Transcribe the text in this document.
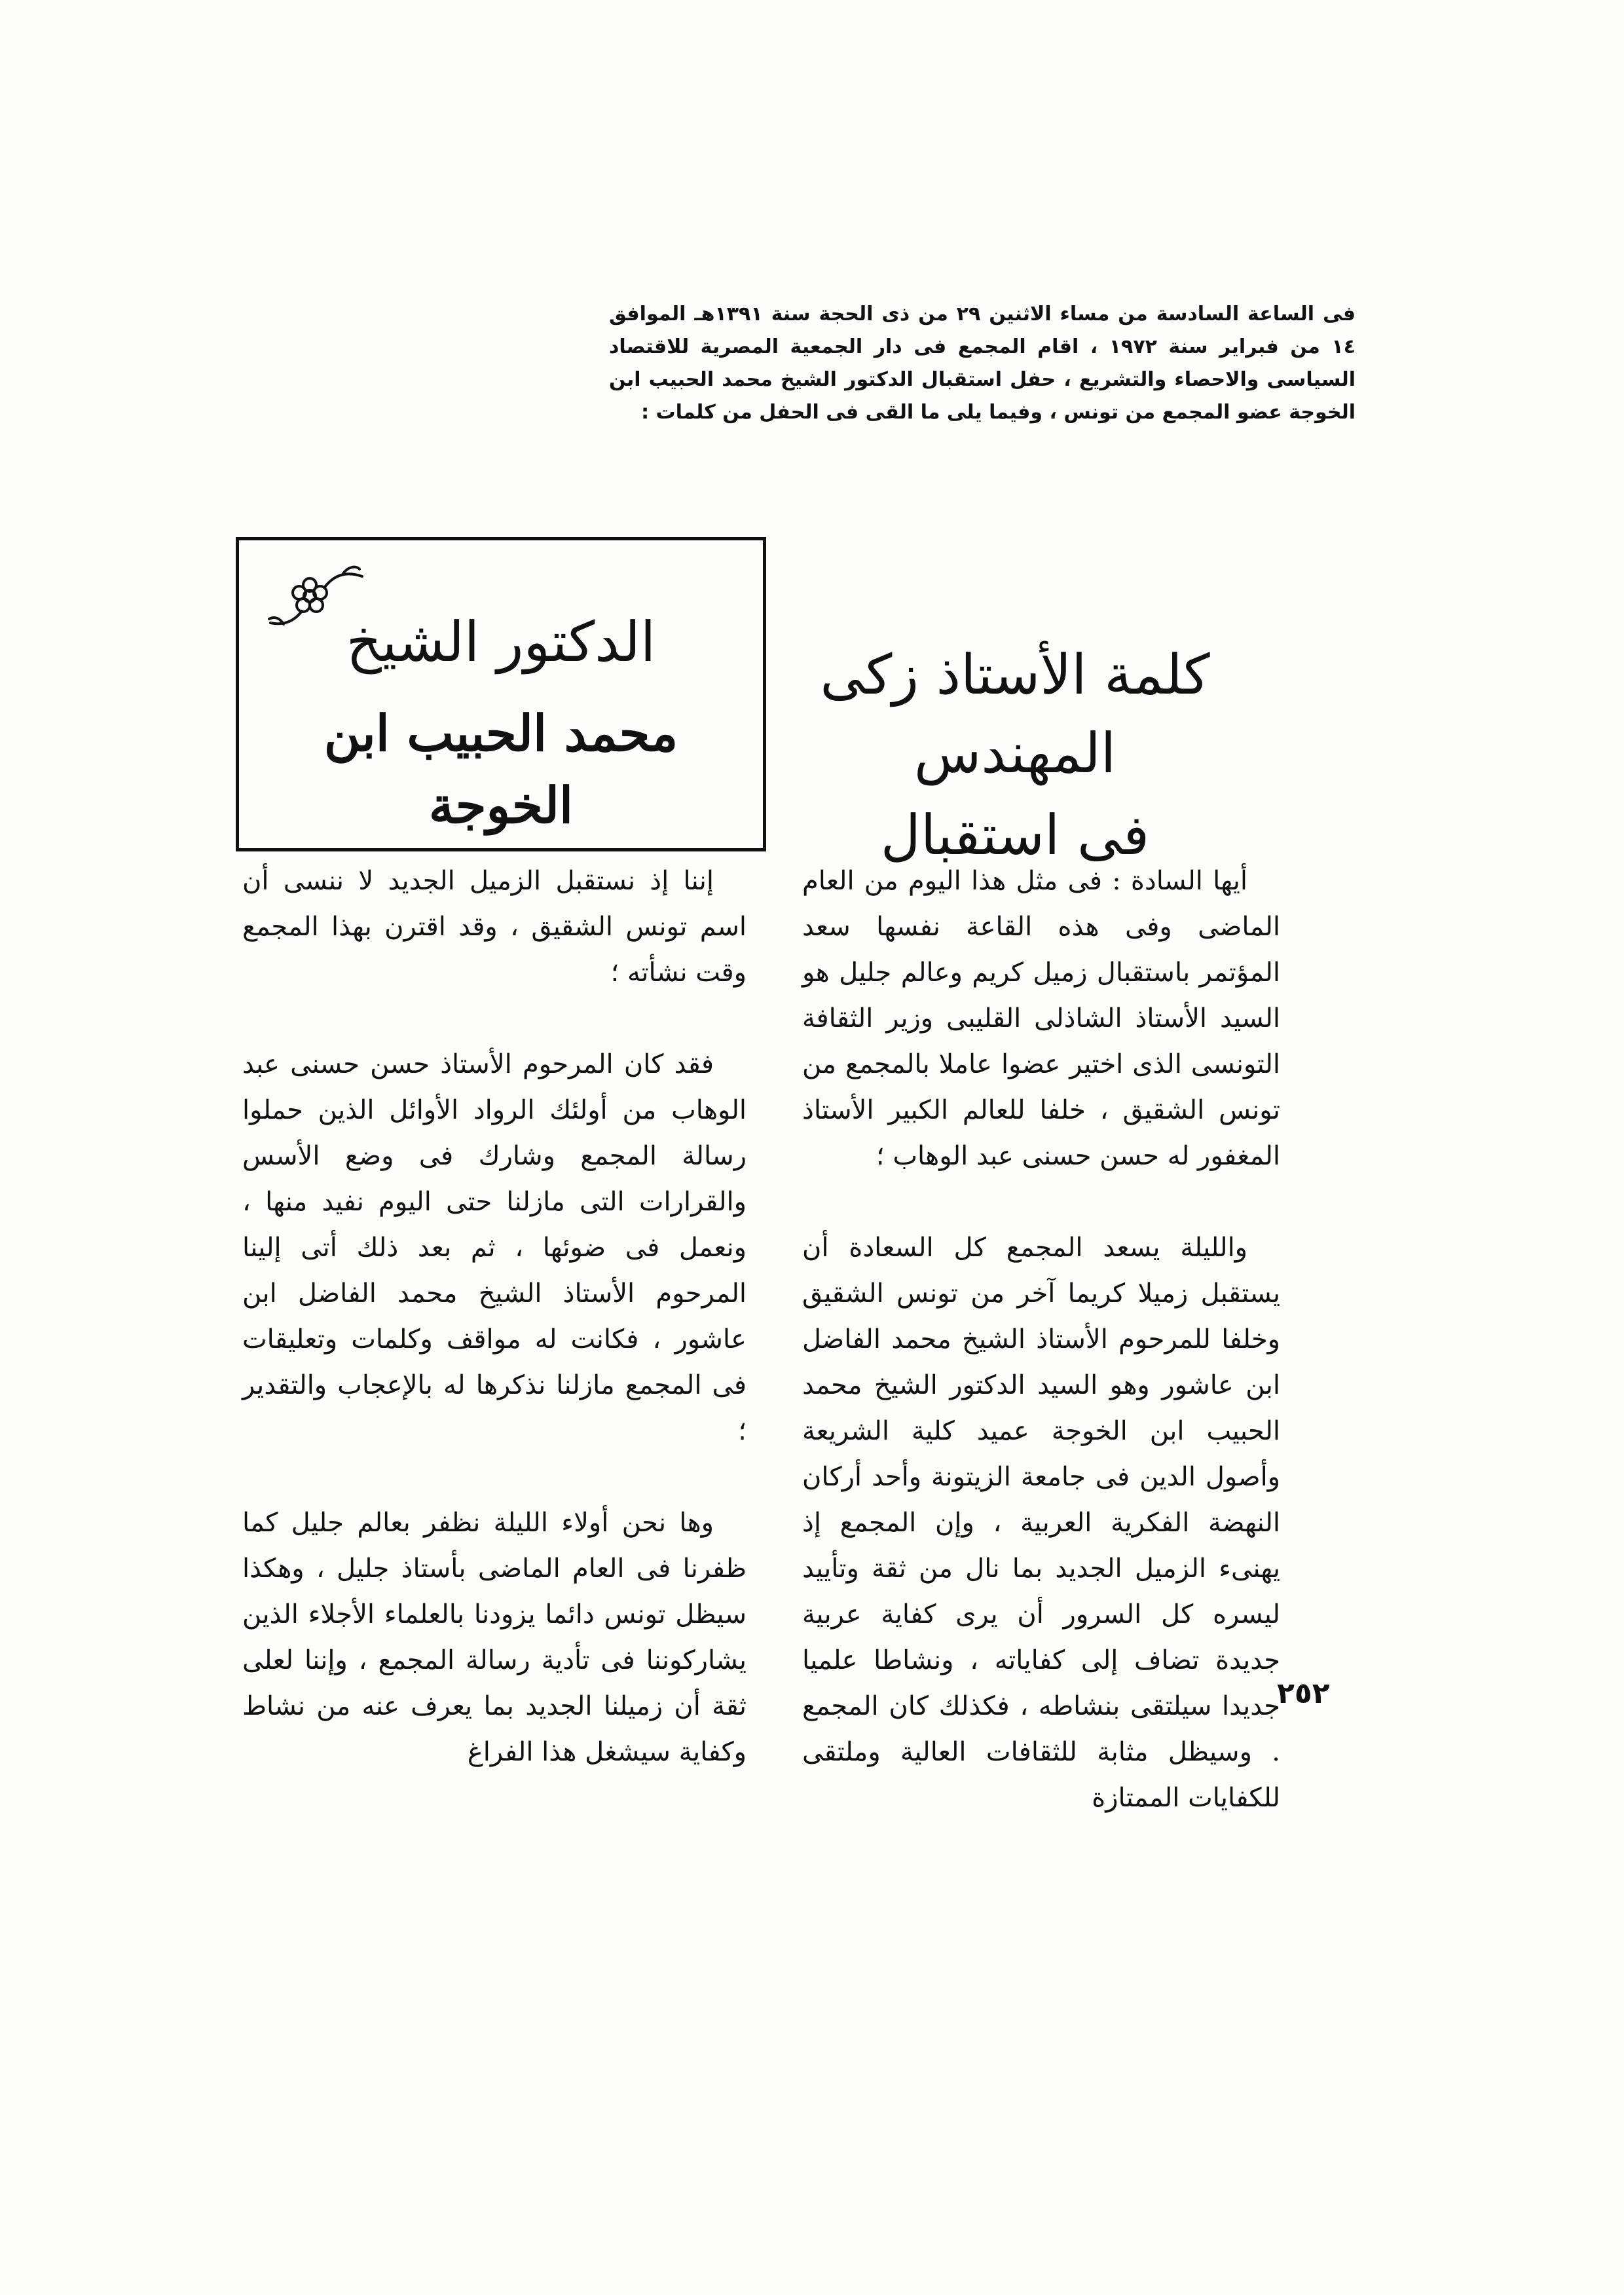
فى الساعة السادسة من مساء الاثنين ٢٩ من ذى الحجة سنة ١٣٩١هـ الموافق ١٤ من فبراير سنة ١٩٧٢ ، اقام المجمع فى دار الجمعية المصرية للاقتصاد السياسى والاحصاء والتشريع ، حفل استقبال الدكتور الشيخ محمد الحبيب ابن الخوجة عضو المجمع من تونس ، وفيما يلى ما القى فى الحفل من كلمات :

الدكتور الشيخ
محمد الحبيب ابن الخوجة
كلمة الأستاذ زكى المهندس
فى استقبال

أيها السادة : فى مثل هذا اليوم من العام الماضى وفى هذه القاعة نفسها سعد المؤتمر باستقبال زميل كريم وعالم جليل هو السيد الأستاذ الشاذلى القليبى وزير الثقافة التونسى الذى اختير عضوا عاملا بالمجمع من تونس الشقيق ، خلفا للعالم الكبير الأستاذ المغفور له حسن حسنى عبد الوهاب ؛

والليلة يسعد المجمع كل السعادة أن يستقبل زميلا كريما آخر من تونس الشقيق وخلفا للمرحوم الأستاذ الشيخ محمد الفاضل ابن عاشور وهو السيد الدكتور الشيخ محمد الحبيب ابن الخوجة عميد كلية الشريعة وأصول الدين فى جامعة الزيتونة وأحد أركان النهضة الفكرية العربية ، وإن المجمع إذ يهنىء الزميل الجديد بما نال من ثقة وتأييد ليسره كل السرور أن يرى كفاية عربية جديدة تضاف إلى كفاياته ، ونشاطا علميا جديدا سيلتقى بنشاطه ، فكذلك كان المجمع . وسيظل مثابة للثقافات العالية وملتقى للكفايات الممتازة

إننا إذ نستقبل الزميل الجديد لا ننسى أن اسم تونس الشقيق ، وقد اقترن بهذا المجمع وقت نشأته ؛

فقد كان المرحوم الأستاذ حسن حسنى عبد الوهاب من أولئك الرواد الأوائل الذين حملوا رسالة المجمع وشارك فى وضع الأسس والقرارات التى مازلنا حتى اليوم نفيد منها ، ونعمل فى ضوئها ، ثم بعد ذلك أتى إلينا المرحوم الأستاذ الشيخ محمد الفاضل ابن عاشور ، فكانت له مواقف وكلمات وتعليقات فى المجمع مازلنا نذكرها له بالإعجاب والتقدير ؛

وها نحن أولاء الليلة نظفر بعالم جليل كما ظفرنا فى العام الماضى بأستاذ جليل ، وهكذا سيظل تونس دائما يزودنا بالعلماء الأجلاء الذين يشاركوننا فى تأدية رسالة المجمع ، وإننا لعلى ثقة أن زميلنا الجديد بما يعرف عنه من نشاط وكفاية سيشغل هذا الفراغ

٢٥٢
